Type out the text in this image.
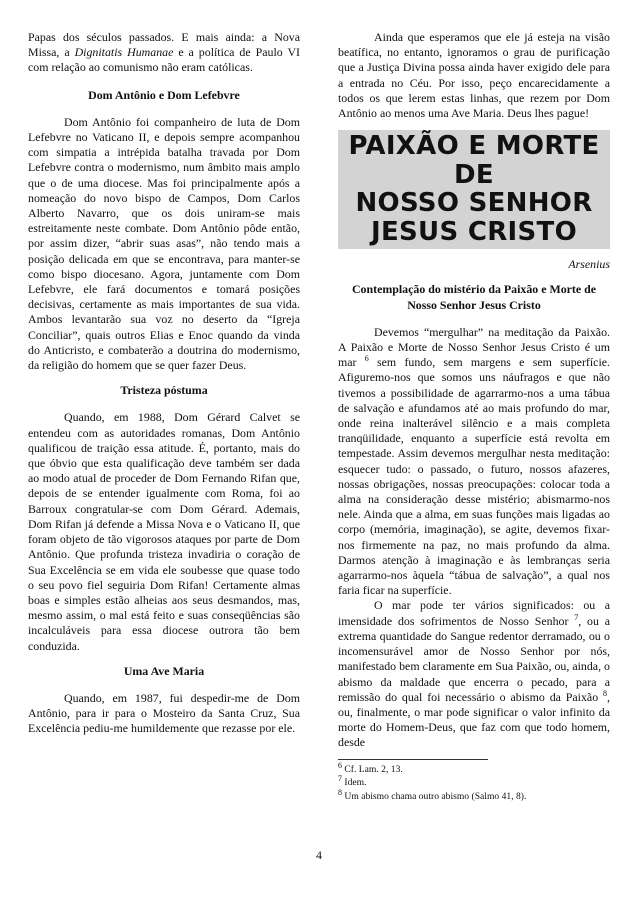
Papas dos séculos passados. E mais ainda: a Nova Missa, a Dignitatis Humanae e a política de Paulo VI com relação ao comunismo não eram católicas.

Dom Antônio e Dom Lefebvre

Dom Antônio foi companheiro de luta de Dom Lefebvre no Vaticano II, e depois sempre acompanhou com simpatia a intrépida batalha travada por Dom Lefebvre contra o modernismo, num âmbito mais amplo que o de uma diocese. Mas foi principalmente após a nomeação do novo bispo de Campos, Dom Carlos Alberto Navarro, que os dois uniram-se mais estreitamente neste combate. Dom Antônio pôde então, por assim dizer, “abrir suas asas”, não tendo mais a posição delicada em que se encontrava, para manter-se como bispo diocesano. Agora, juntamente com Dom Lefebvre, ele fará documentos e tomará posições decisivas, certamente as mais importantes de sua vida. Ambos levantarão sua voz no deserto da “Igreja Conciliar”, quais outros Elias e Enoc quando da vinda do Anticristo, e combaterão a doutrina do modernismo, da religião do homem que se quer fazer Deus.

Tristeza póstuma

Quando, em 1988, Dom Gérard Calvet se entendeu com as autoridades romanas, Dom Antônio qualificou de traição essa atitude. É, portanto, mais do que óbvio que esta qualificação deve também ser dada ao modo atual de proceder de Dom Fernando Rifan que, depois de se entender igualmente com Roma, foi ao Barroux congratular-se com Dom Gérard. Ademais, Dom Rifan já defende a Missa Nova e o Vaticano II, que foram objeto de tão vigorosos ataques por parte de Dom Antônio. Que profunda tristeza invadiria o coração de Sua Excelência se em vida ele soubesse que quase todo o seu povo fiel seguiria Dom Rifan! Certamente almas boas e simples estão alheias aos seus desmandos, mas, mesmo assim, o mal está feito e suas conseqüências são incalculáveis para essa diocese outrora tão bem conduzida.

Uma Ave Maria

Quando, em 1987, fui despedir-me de Dom Antônio, para ir para o Mosteiro da Santa Cruz, Sua Excelência pediu-me humildemente que rezasse por ele.

Ainda que esperamos que ele já esteja na visão beatífica, no entanto, ignoramos o grau de purificação que a Justiça Divina possa ainda haver exigido dele para a entrada no Céu. Por isso, peço encarecidamente a todos os que lerem estas linhas, que rezem por Dom Antônio ao menos uma Ave Maria. Deus lhes pague!

PAIXÃO E MORTE DE
NOSSO SENHOR
JESUS CRISTO

Arsenius

Contemplação do mistério da Paixão e Morte de Nosso Senhor Jesus Cristo

Devemos “mergulhar” na meditação da Paixão. A Paixão e Morte de Nosso Senhor Jesus Cristo é um mar $^6$ sem fundo, sem margens e sem superfície. Afiguremo-nos que somos uns náufragos e que não tivemos a possibilidade de agarrarmo-nos a uma tábua de salvação e afundamos até ao mais profundo do mar, onde reina inalterável silêncio e a mais completa tranqüilidade, enquanto a superfície está revolta em tempestade. Assim devemos mergulhar nesta meditação: esquecer tudo: o passado, o futuro, nossos afazeres, nossas obrigações, nossas preocupações: colocar toda a alma na consideração desse mistério; abismarmo-nos nele. Ainda que a alma, em suas funções mais ligadas ao corpo (memória, imaginação), se agite, devemos fixar-nos firmemente na paz, no mais profundo da alma. Darmos atenção à imaginação e às lembranças seria agarrarmo-nos àquela “tábua de salvação”, a qual nos faria ficar na superfície.

O mar pode ter vários significados: ou a imensidade dos sofrimentos de Nosso Senhor $^7$, ou a extrema quantidade do Sangue redentor derramado, ou o incomensurável amor de Nosso Senhor por nós, manifestado bem claramente em Sua Paixão, ou, ainda, o abismo da maldade que encerra o pecado, para a remissão do qual foi necessário o abismo da Paixão $^8$, ou, finalmente, o mar pode significar o valor infinito da morte do Homem-Deus, que faz com que todo homem, desde

$^6$ Cf. Lam. 2, 13.
$^7$ Idem.
$^8$ Um abismo chama outro abismo (Salmo 41, 8).
4
